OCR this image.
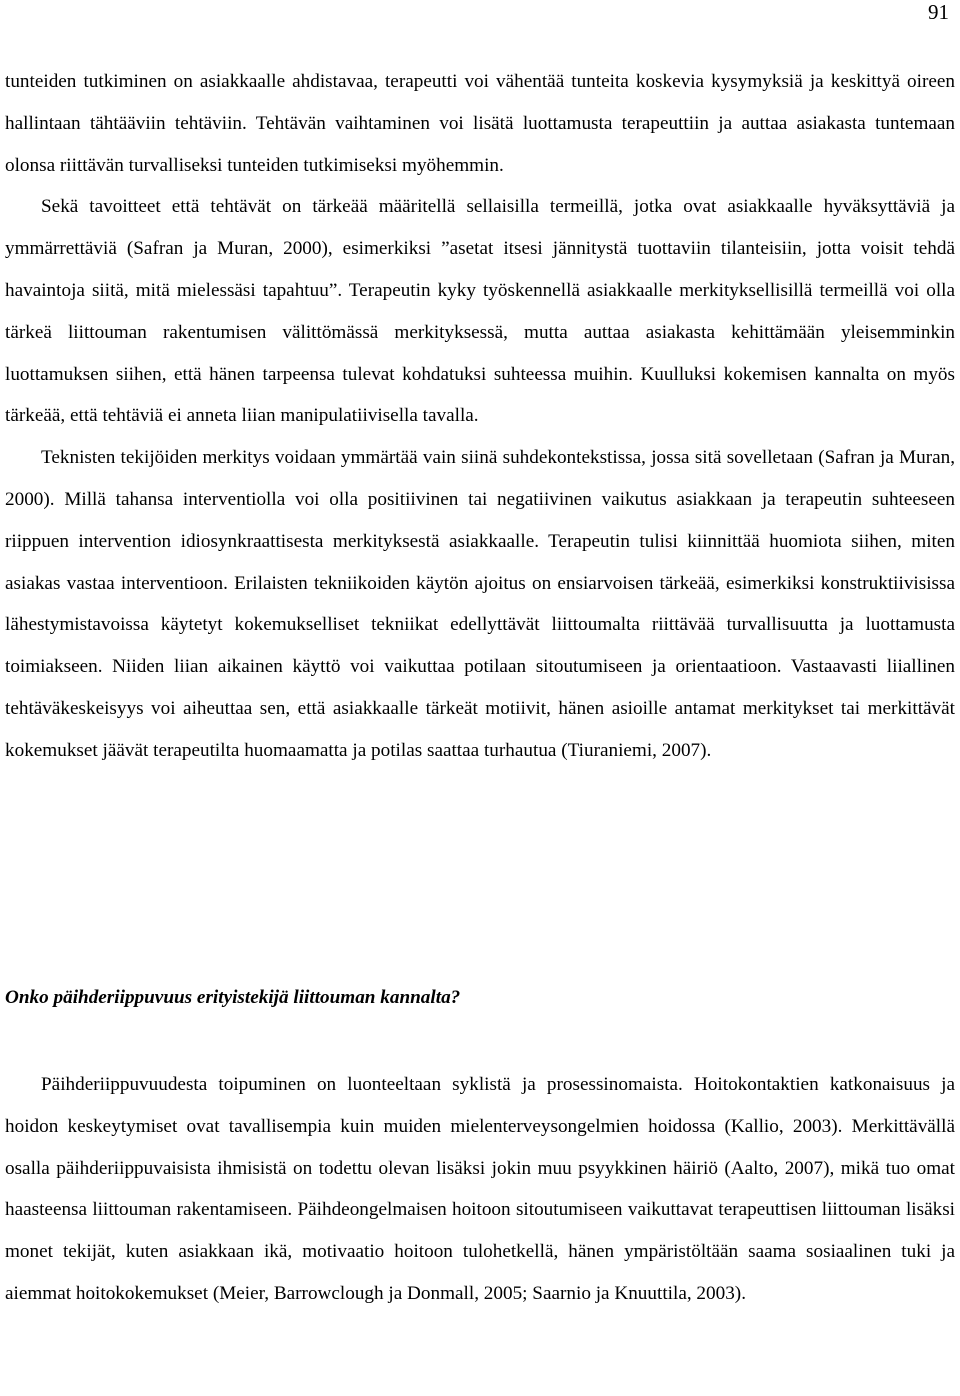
91

tunteiden tutkiminen on asiakkaalle ahdistavaa, terapeutti voi vähentää tunteita koskevia kysymyksiä ja keskittyä oireen hallintaan tähtääviin tehtäviin. Tehtävän vaihtaminen voi lisätä luottamusta terapeuttiin ja auttaa asiakasta tuntemaan olonsa riittävän turvalliseksi tunteiden tutkimiseksi myöhemmin.

Sekä tavoitteet että tehtävät on tärkeää määritellä sellaisilla termeillä, jotka ovat asiakkaalle hyväksyttäviä ja ymmärrettäviä (Safran ja Muran, 2000), esimerkiksi ”asetat itsesi jännitystä tuottaviin tilanteisiin, jotta voisit tehdä havaintoja siitä, mitä mielessäsi tapahtuu”. Terapeutin kyky työskennellä asiakkaalle merkityksellisillä termeillä voi olla tärkeä liittouman rakentumisen välittömässä merkityksessä, mutta auttaa asiakasta kehittämään yleisemminkin luottamuksen siihen, että hänen tarpeensa tulevat kohdatuksi suhteessa muihin. Kuulluksi kokemisen kannalta on myös tärkeää, että tehtäviä ei anneta liian manipulatiivisella tavalla.

Teknisten tekijöiden merkitys voidaan ymmärtää vain siinä suhdekontekstissa, jossa sitä sovelletaan (Safran ja Muran, 2000). Millä tahansa interventiolla voi olla positiivinen tai negatiivinen vaikutus asiakkaan ja terapeutin suhteeseen riippuen intervention idiosynkraattisesta merkityksestä asiakkaalle. Terapeutin tulisi kiinnittää huomiota siihen, miten asiakas vastaa interventioon. Erilaisten tekniikoiden käytön ajoitus on ensiarvoisen tärkeää, esimerkiksi konstruktiivisissa lähestymistavoissa käytetyt kokemukselliset tekniikat edellyttävät liittoumalta riittävää turvallisuutta ja luottamusta toimiakseen. Niiden liian aikainen käyttö voi vaikuttaa potilaan sitoutumiseen ja orientaatioon. Vastaavasti liiallinen tehtäväkeskeisyys voi aiheuttaa sen, että asiakkaalle tärkeät motiivit, hänen asioille antamat merkitykset tai merkittävät kokemukset jäävät terapeutilta huomaamatta ja potilas saattaa turhautua (Tiuraniemi, 2007).

Onko päihderiippuvuus erityistekijä liittouman kannalta?

Päihderiippuvuudesta toipuminen on luonteeltaan syklistä ja prosessinomaista. Hoitokontaktien katkonaisuus ja hoidon keskeytymiset ovat tavallisempia kuin muiden mielenterveysongelmien hoidossa (Kallio, 2003). Merkittävällä osalla päihderiippuvaisista ihmisistä on todettu olevan lisäksi jokin muu psyykkinen häiriö (Aalto, 2007), mikä tuo omat haasteensa liittouman rakentamiseen. Päihdeongelmaisen hoitoon sitoutumiseen vaikuttavat terapeuttisen liittouman lisäksi monet tekijät, kuten asiakkaan ikä, motivaatio hoitoon tulohetkellä, hänen ympäristöltään saama sosiaalinen tuki ja aiemmat hoitokokemukset (Meier, Barrowclough ja Donmall, 2005; Saarnio ja Knuuttila, 2003).
